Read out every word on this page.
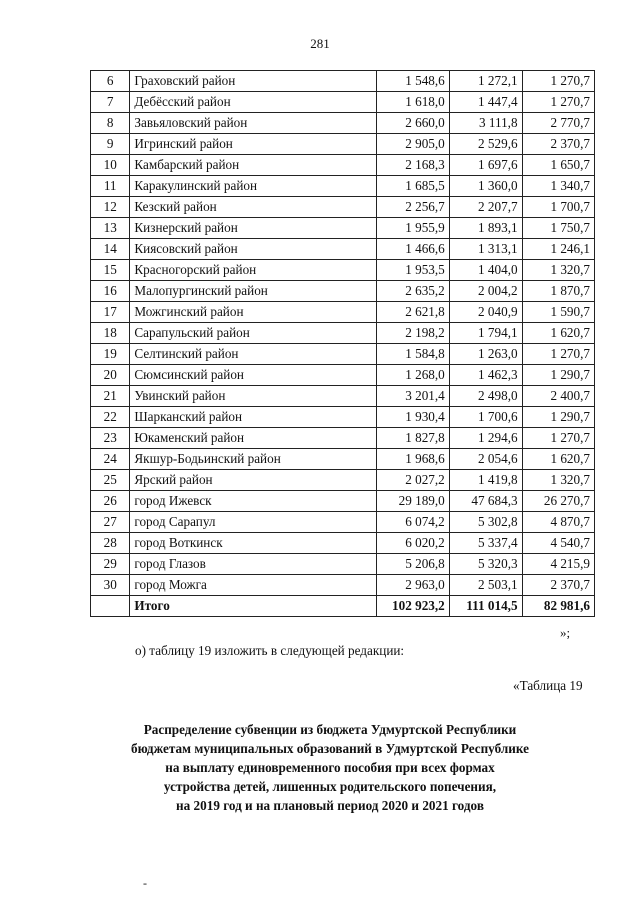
281
6	Граховский район	1 548,6	1 272,1	1 270,7
7	Дебёсский район	1 618,0	1 447,4	1 270,7
8	Завьяловский район	2 660,0	3 111,8	2 770,7
9	Игринский район	2 905,0	2 529,6	2 370,7
10	Камбарский район	2 168,3	1 697,6	1 650,7
11	Каракулинский район	1 685,5	1 360,0	1 340,7
12	Кезский район	2 256,7	2 207,7	1 700,7
13	Кизнерский район	1 955,9	1 893,1	1 750,7
14	Киясовский район	1 466,6	1 313,1	1 246,1
15	Красногорский район	1 953,5	1 404,0	1 320,7
16	Малопургинский район	2 635,2	2 004,2	1 870,7
17	Можгинский район	2 621,8	2 040,9	1 590,7
18	Сарапульский район	2 198,2	1 794,1	1 620,7
19	Селтинский район	1 584,8	1 263,0	1 270,7
20	Сюмсинский район	1 268,0	1 462,3	1 290,7
21	Увинский район	3 201,4	2 498,0	2 400,7
22	Шарканский район	1 930,4	1 700,6	1 290,7
23	Юкаменский район	1 827,8	1 294,6	1 270,7
24	Якшур-Бодьинский район	1 968,6	2 054,6	1 620,7
25	Ярский район	2 027,2	1 419,8	1 320,7
26	город Ижевск	29 189,0	47 684,3	26 270,7
27	город Сарапул	6 074,2	5 302,8	4 870,7
28	город Воткинск	6 020,2	5 337,4	4 540,7
29	город Глазов	5 206,8	5 320,3	4 215,9
30	город Можга	2 963,0	2 503,1	2 370,7
	Итого	102 923,2	111 014,5	82 981,6
»;
о) таблицу 19 изложить в следующей редакции:
«Таблица 19
Распределение субвенции из бюджета Удмуртской Республики
бюджетам муниципальных образований в Удмуртской Республике
на выплату единовременного пособия при всех формах
устройства детей, лишенных родительского попечения,
на 2019 год и на плановый период 2020 и 2021 годов
-
